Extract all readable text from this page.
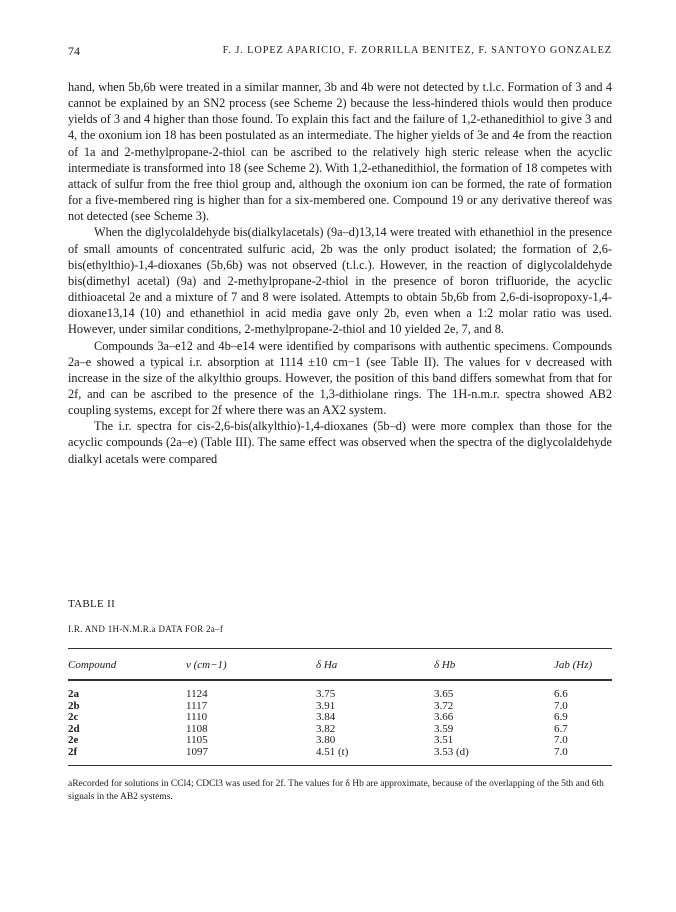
74	F. J. LOPEZ APARICIO, F. ZORRILLA BENITEZ, F. SANTOYO GONZALEZ

hand, when 5b,6b were treated in a similar manner, 3b and 4b were not detected by t.l.c. Formation of 3 and 4 cannot be explained by an SN2 process (see Scheme 2) because the less-hindered thiols would then produce yields of 3 and 4 higher than those found. To explain this fact and the failure of 1,2-ethanedithiol to give 3 and 4, the oxonium ion 18 has been postulated as an intermediate. The higher yields of 3e and 4e from the reaction of 1a and 2-methylpropane-2-thiol can be ascribed to the relatively high steric release when the acyclic intermediate is transformed into 18 (see Scheme 2). With 1,2-ethanedithiol, the formation of 18 competes with attack of sulfur from the free thiol group and, although the oxonium ion can be formed, the rate of formation for a five-membered ring is higher than for a six-membered one. Compound 19 or any derivative thereof was not detected (see Scheme 3).

When the diglycolaldehyde bis(dialkylacetals) (9a–d)13,14 were treated with ethanethiol in the presence of small amounts of concentrated sulfuric acid, 2b was the only product isolated; the formation of 2,6-bis(ethylthio)-1,4-dioxanes (5b,6b) was not observed (t.l.c.). However, in the reaction of diglycolaldehyde bis(dimethyl acetal) (9a) and 2-methylpropane-2-thiol in the presence of boron trifluoride, the acyclic dithioacetal 2e and a mixture of 7 and 8 were isolated. Attempts to obtain 5b,6b from 2,6-di-isopropoxy-1,4-dioxane13,14 (10) and ethanethiol in acid media gave only 2b, even when a 1:2 molar ratio was used. However, under similar conditions, 2-methylpropane-2-thiol and 10 yielded 2e, 7, and 8.

Compounds 3a–e12 and 4b–e14 were identified by comparisons with authentic specimens. Compounds 2a–e showed a typical i.r. absorption at 1114 ±10 cm−1 (see Table II). The values for ν decreased with increase in the size of the alkylthio groups. However, the position of this band differs somewhat from that for 2f, and can be ascribed to the presence of the 1,3-dithiolane rings. The 1H-n.m.r. spectra showed AB2 coupling systems, except for 2f where there was an AX2 system.

The i.r. spectra for cis-2,6-bis(alkylthio)-1,4-dioxanes (5b–d) were more complex than those for the acyclic compounds (2a–e) (Table III). The same effect was observed when the spectra of the diglycolaldehyde dialkyl acetals were compared

TABLE II
I.R. AND 1H-N.M.R.a DATA FOR 2a–f
Compound	ν (cm−1)	δ Ha	δ Hb	Jab (Hz)
2a	1124	3.75	3.65	6.6
2b	1117	3.91	3.72	7.0
2c	1110	3.84	3.66	6.9
2d	1108	3.82	3.59	6.7
2e	1105	3.80	3.51	7.0
2f	1097	4.51 (t)	3.53 (d)	7.0
aRecorded for solutions in CCl4; CDCl3 was used for 2f. The values for δ Hb are approximate, because of the overlapping of the 5th and 6th signals in the AB2 systems.
